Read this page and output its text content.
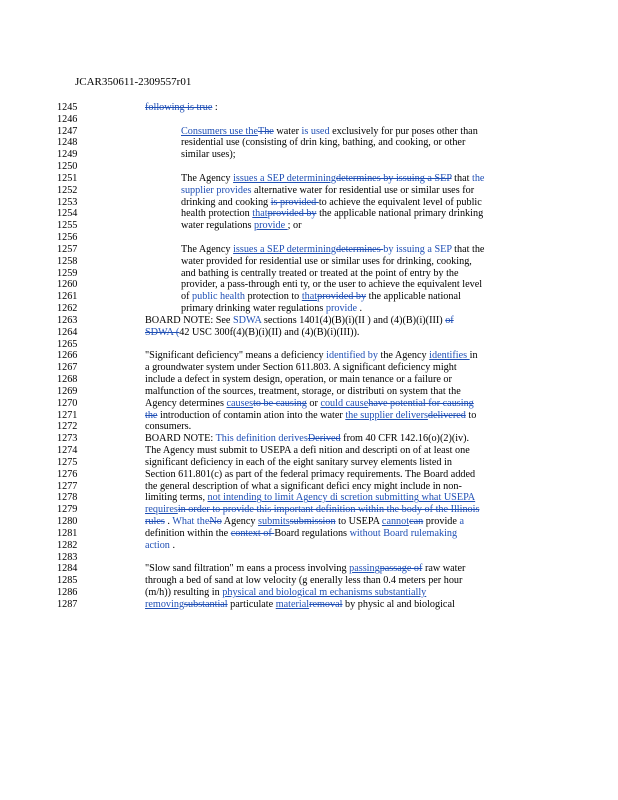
JCAR350611-2309557r01
1245	following is true :
1246
1247	Consumers use theThe water is used exclusively for pur poses other than
1248	residential use (consisting of drin king, bathing, and cooking, or other
1249	similar uses);
1250
1251	The Agency issues a SEP determiningdetermines by issuing a SEP that the
1252	supplier provides alternative water for residential use or similar uses for
1253	drinking and cooking is provided to achieve the equivalent level of public
1254	health protection thatprovided by the applicable national primary drinking
1255	water regulations provide ; or
1256
1257	The Agency issues a SEP determiningdetermines by issuing a SEP that the
1258	water provided for residential use or similar uses for drinking, cooking,
1259	and bathing is centrally treated or treated at the point of entry by the
1260	provider, a pass-through enti ty, or the user to achieve the equivalent level
1261	of public health protection to thatprovided by the applicable national
1262	primary drinking water regulations provide .
1263	BOARD NOTE: See SDWA sections 1401(4)(B)(i)(II ) and (4)(B)(i)(III) of
1264	SDWA (42 USC 300f(4)(B)(i)(II) and (4)(B)(i)(III)).
1265
1266	"Significant deficiency" means a deficiency identified by the Agency identifies in
1267	a groundwater system under Section 611.803. A significant deficiency might
1268	include a defect in system design, operation, or main tenance or a failure or
1269	malfunction of the sources, treatment, storage, or distributi on system that the
1270	Agency determines causesto be causing or could causehave potential for causing
1271	the introduction of contamin ation into the water the supplier deliversdelivered to
1272	consumers.
1273	BOARD NOTE: This definition derivesDerived from 40 CFR 142.16(o)(2)(iv).
1274	The Agency must submit to USEPA a defi nition and descripti on of at least one
1275	significant deficiency in each of the eight sanitary survey elements listed in
1276	Section 611.801(c) as part of the federal primacy requirements. The Board added
1277	the general description of what a significant defici ency might include in non-
1278	limiting terms, not intending to limit Agency di scretion submitting what USEPA
1279	requiresin order to provide this important definition within the body of the Illinois
1280	rules . What theNo Agency submitssubmission to USEPA cannotcan provide a
1281	definition within the context of Board regulations without Board rulemaking
1282	action .
1283
1284	"Slow sand filtration" m eans a process involving passingpassage of raw water
1285	through a bed of sand at low velocity (g enerally less than 0.4 meters per hour
1286	(m/h)) resulting in physical and biological m echanisms substantially
1287	removingsubstantial particulate materialremoval by physic al and biological
